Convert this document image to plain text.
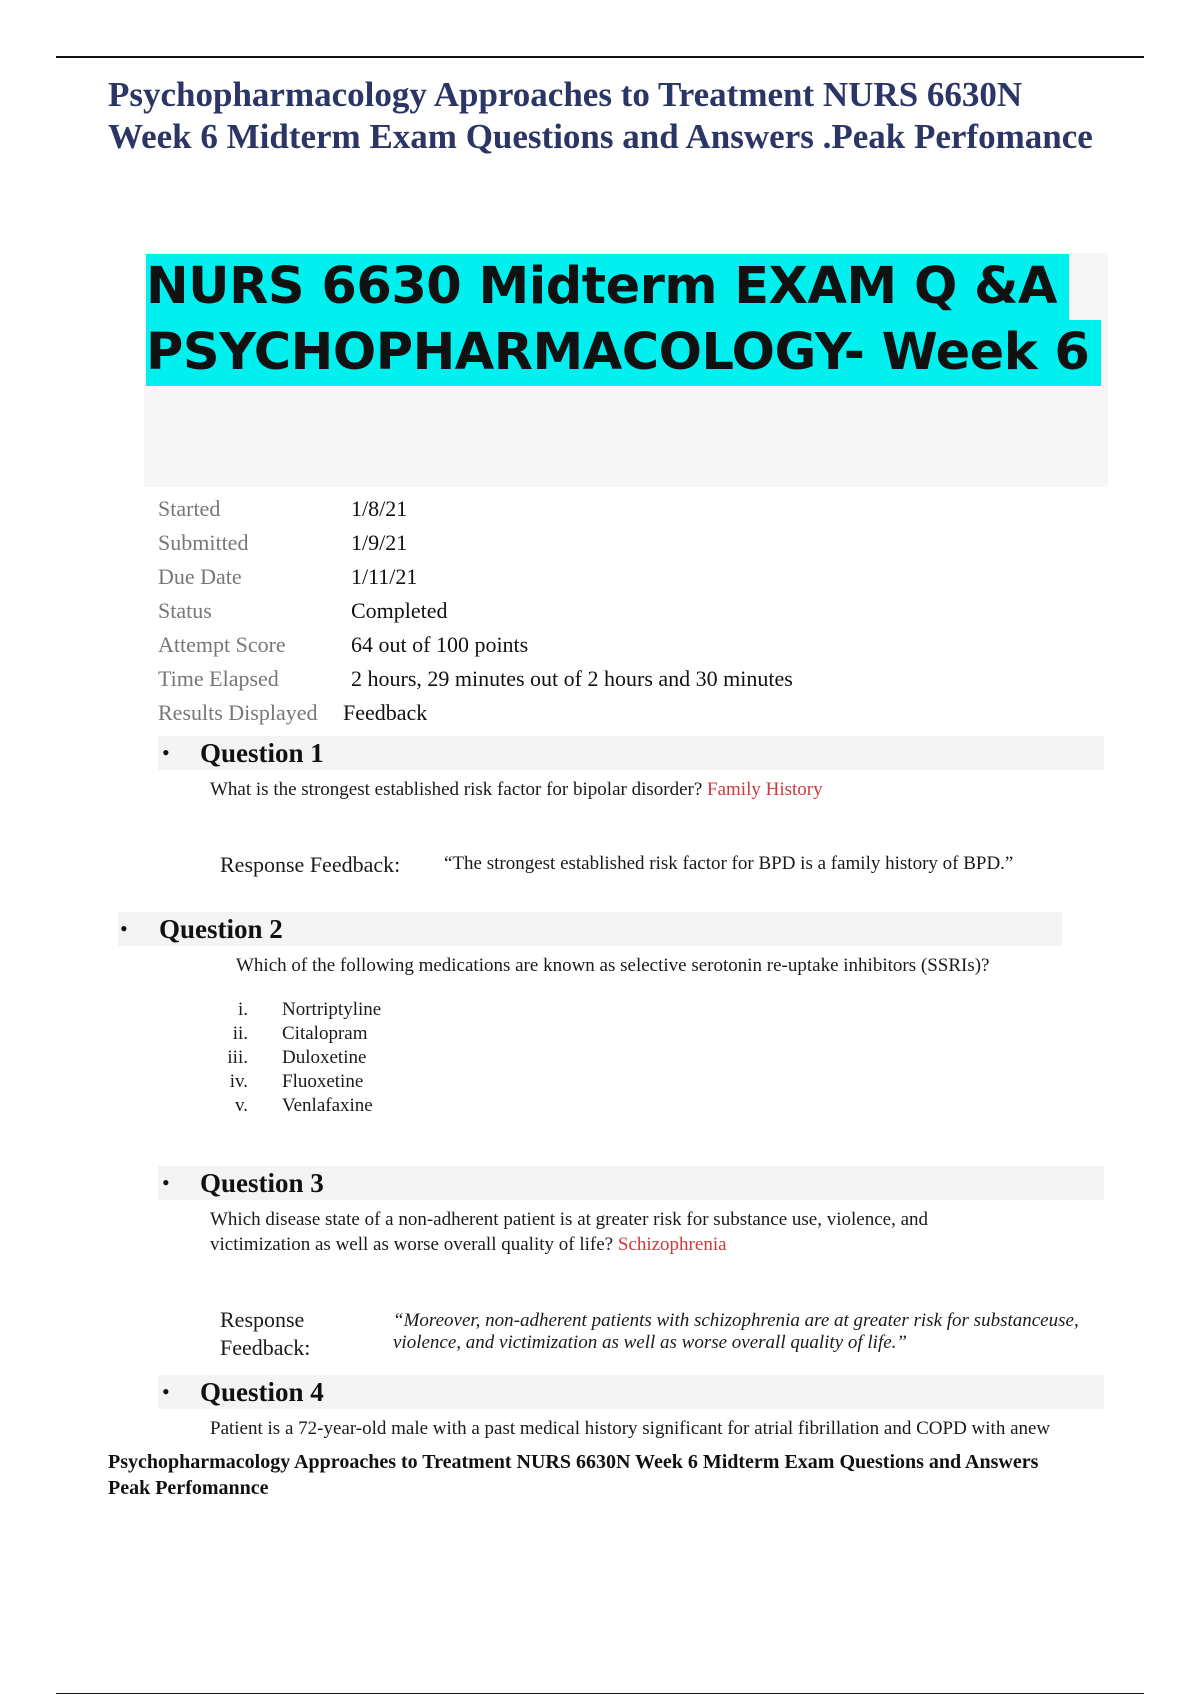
Psychopharmacology Approaches to Treatment NURS 6630N Week 6 Midterm Exam Questions and Answers .Peak Perfomance
NURS 6630 Midterm EXAM Q &A
PSYCHOPHARMACOLOGY- Week 6
Started	1/8/21
Submitted	1/9/21
Due Date	1/11/21
Status	Completed
Attempt Score	64 out of 100 points
Time Elapsed	2 hours, 29 minutes out of 2 hours and 30 minutes
Results Displayed Feedback
• Question 1
What is the strongest established risk factor for bipolar disorder? Family History
Response Feedback: “The strongest established risk factor for BPD is a family history of BPD.”
• Question 2
Which of the following medications are known as selective serotonin re-uptake inhibitors (SSRIs)?
i. Nortriptyline
ii. Citalopram
iii. Duloxetine
iv. Fluoxetine
v. Venlafaxine
• Question 3
Which disease state of a non-adherent patient is at greater risk for substance use, violence, and
victimization as well as worse overall quality of life? Schizophrenia
Response
Feedback:
“Moreover, non-adherent patients with schizophrenia are at greater risk for substanceuse,
violence, and victimization as well as worse overall quality of life.”
• Question 4
Patient is a 72-year-old male with a past medical history significant for atrial fibrillation and COPD with anew
Psychopharmacology Approaches to Treatment NURS 6630N Week 6 Midterm Exam Questions and Answers
Peak Perfomannce
